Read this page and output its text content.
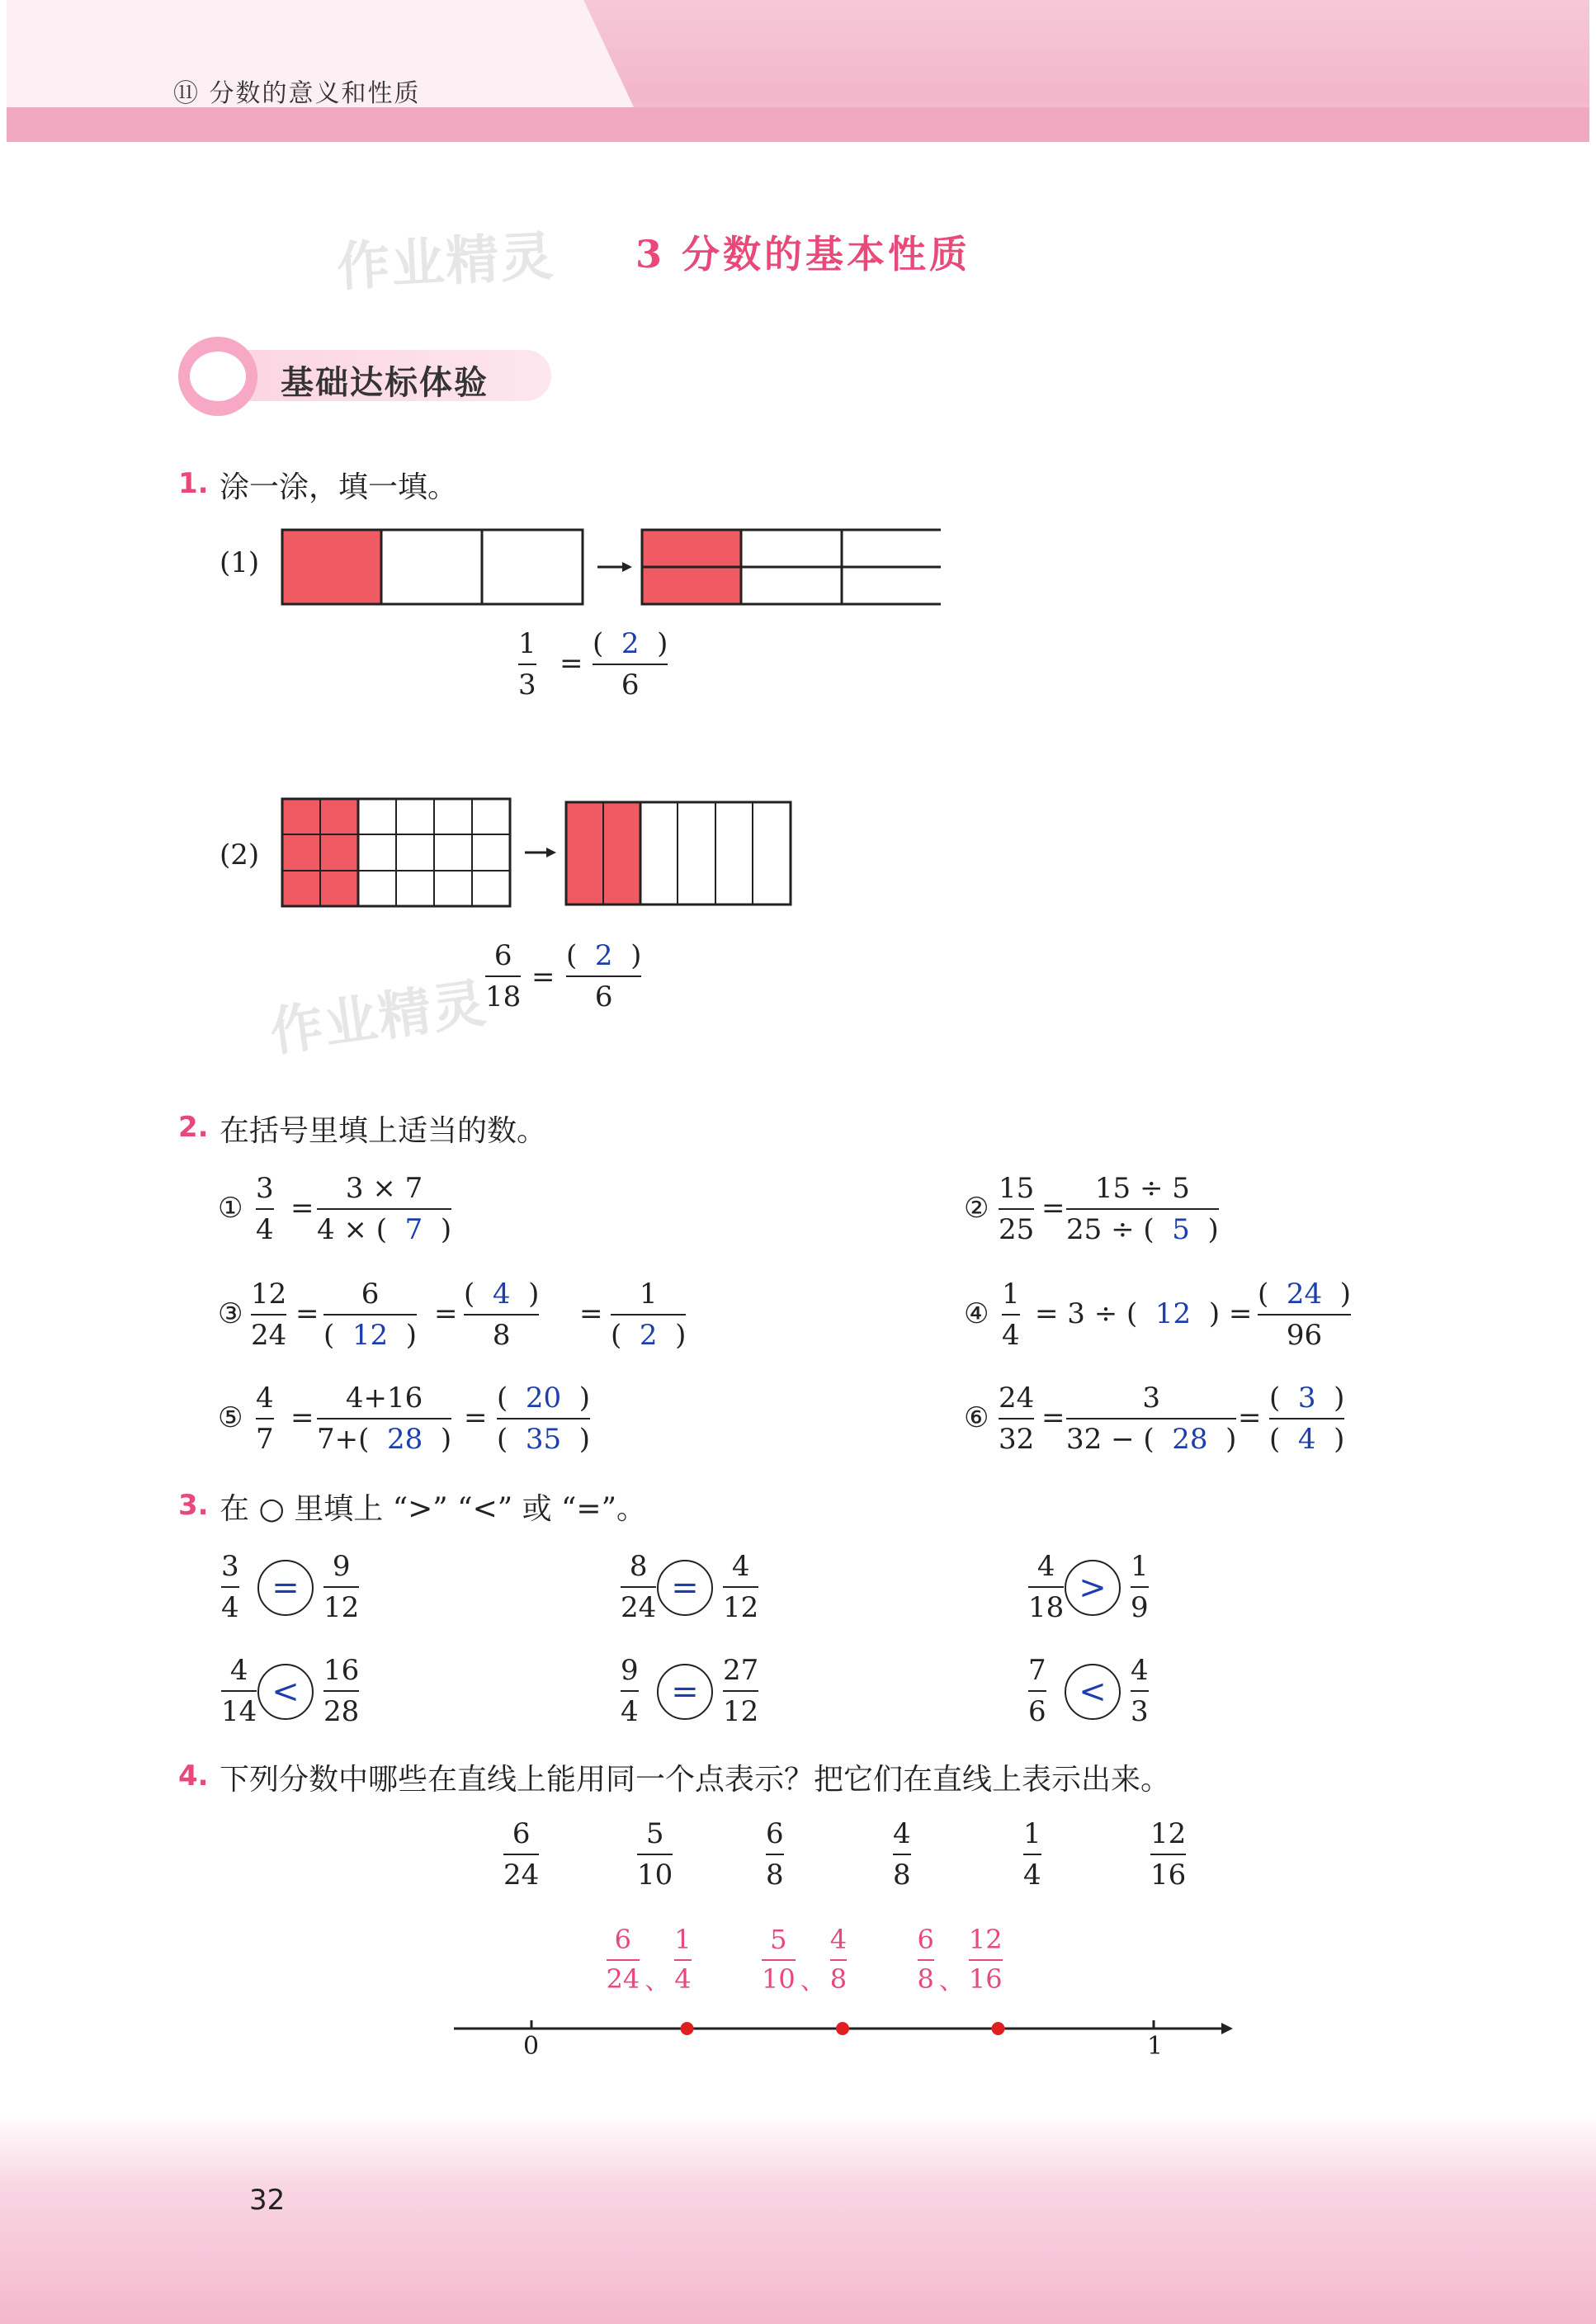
⑪ 分数的意义和性质
作业精灵
作业精灵
3 分数的基本性质
基础达标体验
1. 涂一涂，填一填。
(1)
1
3
=
(  2  )
6
(2)
6
18
=
(  2  )
6
2. 在括号里填上适当的数。
①
3
4
=
3 × 7
4 × ( 7 )
②
15
25
=
15 ÷ 5
25 ÷ ( 5 )
③
12
24
=
6
(  12  )
=
(  4  )
8
=
1
(  2  )
④
1
4
= 3 ÷ ( 12 ) =
(  24  )
96
⑤
4
7
=
4+16
7+( 28 )
=
(  20  )
(  35  )
⑥
24
32
=
3
32 − ( 28 )
=
(  3  )
(  4  )
3. 在 ○ 里填上 “>” “<” 或 “=”。
3
4
=
9
12
8
24
=
4
12
4
18
>
1
9
4
14
<
16
28
9
4
=
27
12
7
6
<
4
3
4. 下列分数中哪些在直线上能用同一个点表示？把它们在直线上表示出来。
6
24
5
10
6
8
4
8
1
4
12
16
0	1
6
24 、
1
4
5
10 、
4
8
6
8 、
12
16
32
